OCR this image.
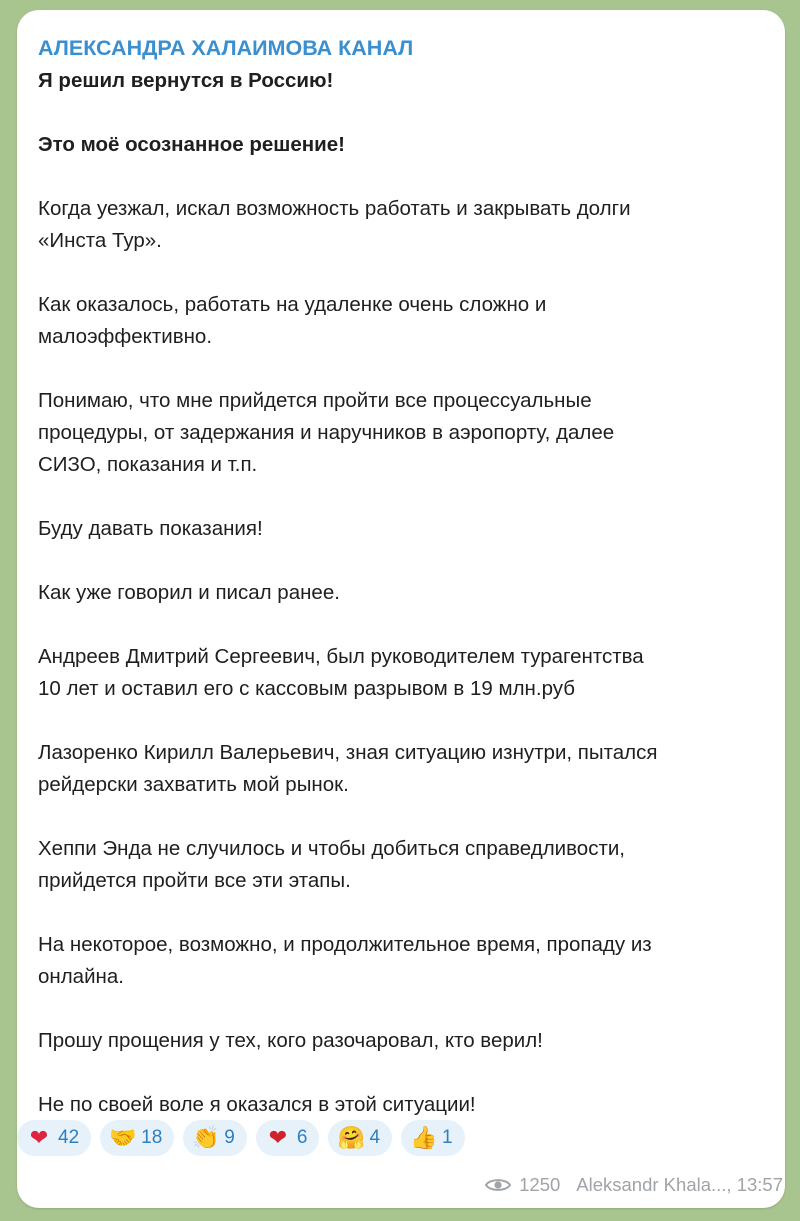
АЛЕКСАНДРА ХАЛАИМОВА КАНАЛ

Я решил вернутся в Россию!

Это моё осознанное решение!

Когда уезжал, искал возможность работать и закрывать долги
«Инста Тур».

Как оказалось, работать на удаленке очень сложно и
малоэффективно.

Понимаю, что мне прийдется пройти все процессуальные
процедуры, от задержания и наручников в аэропорту, далее
СИЗО, показания и т.п.

Буду давать показания!

Как уже говорил и писал ранее.

Андреев Дмитрий Сергеевич, был руководителем турагентства
10 лет и оставил его с кассовым разрывом в 19 млн.руб

Лазоренко Кирилл Валерьевич, зная ситуацию изнутри, пытался
рейдерски захватить мой рынок.

Хеппи Энда не случилось и чтобы добиться справедливости,
прийдется пройти все эти этапы.

На некоторое, возможно, и продолжительное время, пропаду из
онлайна.

Прошу прощения у тех, кого разочаровал, кто верил!

Не по своей воле я оказался в этой ситуации!

❤ 42 🤝 18 👏 9 ❤ 6 🤗 4 👍 1
1250 Aleksandr Khala...,
13:57
